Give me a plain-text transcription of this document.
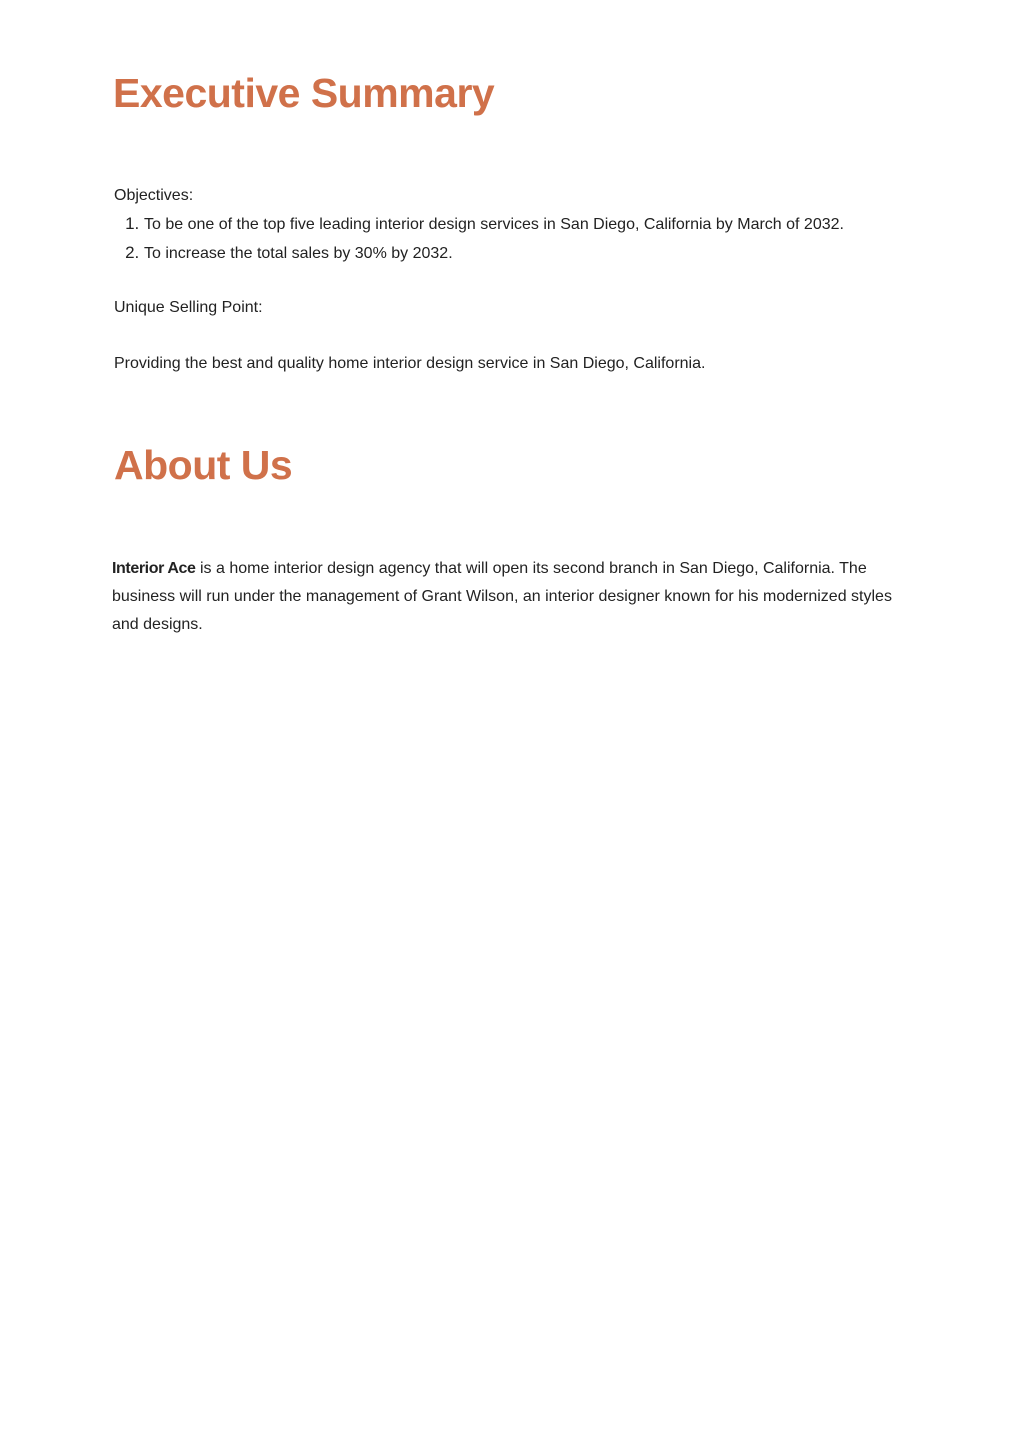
Executive Summary

Objectives:

1. To be one of the top five leading interior design services in San Diego, California by March of 2032.
2. To increase the total sales by 30% by 2032.

Unique Selling Point:

Providing the best and quality home interior design service in San Diego, California.

About Us

Interior Ace is a home interior design agency that will open its second branch in San Diego, California. The business will run under the management of Grant Wilson, an interior designer known for his modernized styles and designs.
